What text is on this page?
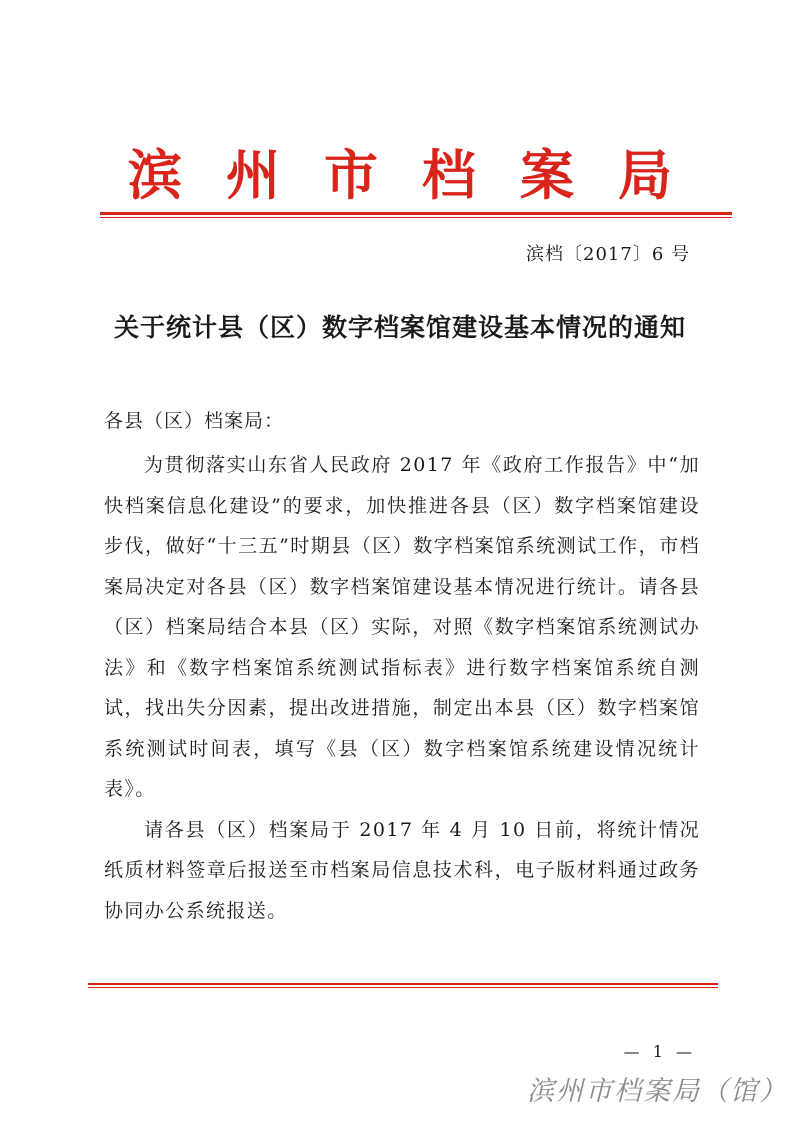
滨州市档案局
滨档〔2017〕6 号
关于统计县（区）数字档案馆建设基本情况的通知
各县（区）档案局：

为贯彻落实山东省人民政府 2017 年《政府工作报告》中“加快档案信息化建设”的要求，加快推进各县（区）数字档案馆建设步伐，做好“十三五”时期县（区）数字档案馆系统测试工作，市档案局决定对各县（区）数字档案馆建设基本情况进行统计。请各县（区）档案局结合本县（区）实际，对照《数字档案馆系统测试办法》和《数字档案馆系统测试指标表》进行数字档案馆系统自测试，找出失分因素，提出改进措施，制定出本县（区）数字档案馆系统测试时间表，填写《县（区）数字档案馆系统建设情况统计表》。

请各县（区）档案局于 2017 年 4 月 10 日前，将统计情况纸质材料签章后报送至市档案局信息技术科，电子版材料通过政务协同办公系统报送。

— 1 —
滨州市档案局（馆）
